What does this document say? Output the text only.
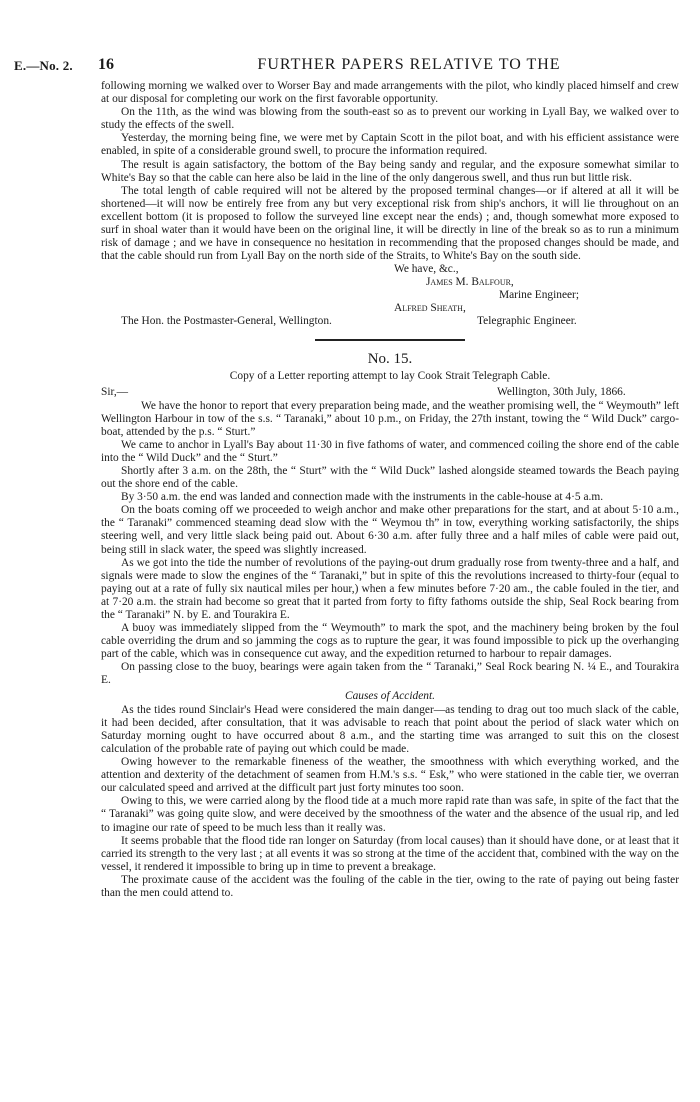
E.—No. 2. 16	FURTHER PAPERS RELATIVE TO THE

following morning we walked over to Worser Bay and made arrangements with the pilot, who kindly placed himself and crew at our disposal for completing our work on the first favorable opportunity.

On the 11th, as the wind was blowing from the south-east so as to prevent our working in Lyall Bay, we walked over to study the effects of the swell.

Yesterday, the morning being fine, we were met by Captain Scott in the pilot boat, and with his efficient assistance were enabled, in spite of a considerable ground swell, to procure the information required.

The result is again satisfactory, the bottom of the Bay being sandy and regular, and the exposure somewhat similar to White's Bay so that the cable can here also be laid in the line of the only dangerous swell, and thus run but little risk.

The total length of cable required will not be altered by the proposed terminal changes—or if altered at all it will be shortened—it will now be entirely free from any but very exceptional risk from ship's anchors, it will lie throughout on an excellent bottom (it is proposed to follow the surveyed line except near the ends) ; and, though somewhat more exposed to surf in shoal water than it would have been on the original line, it will be directly in line of the break so as to run a minimum risk of damage ; and we have in consequence no hesitation in recommending that the proposed changes should be made, and that the cable should run from Lyall Bay on the north side of the Straits, to White's Bay on the south side.

We have, &c.,
James M. Balfour,
Marine Engineer;
Alfred Sheath,
Telegraphic Engineer.
The Hon. the Postmaster-General, Wellington.
No. 15.
Copy of a Letter reporting attempt to lay Cook Strait Telegraph Cable.
Sir,—	Wellington, 30th July, 1866.

We have the honor to report that every preparation being made, and the weather promising well, the “ Weymouth” left Wellington Harbour in tow of the s.s. “ Taranaki,” about 10 p.m., on Friday, the 27th instant, towing the “ Wild Duck” cargo-boat, attended by the p.s. “ Sturt.”

We came to anchor in Lyall's Bay about 11·30 in five fathoms of water, and commenced coiling the shore end of the cable into the “ Wild Duck” and the “ Sturt.”

Shortly after 3 a.m. on the 28th, the “ Sturt” with the “ Wild Duck” lashed alongside steamed towards the Beach paying out the shore end of the cable.

By 3·50 a.m. the end was landed and connection made with the instruments in the cable-house at 4·5 a.m.

On the boats coming off we proceeded to weigh anchor and make other preparations for the start, and at about 5·10 a.m., the “ Taranaki” commenced steaming dead slow with the “ Weymou th” in tow, everything working satisfactorily, the ships steering well, and very little slack being paid out. About 6·30 a.m. after fully three and a half miles of cable were paid out, being still in slack water, the speed was slightly increased.

As we got into the tide the number of revolutions of the paying-out drum gradually rose from twenty-three and a half, and signals were made to slow the engines of the “ Taranaki,” but in spite of this the revolutions increased to thirty-four (equal to paying out at a rate of fully six nautical miles per hour,) when a few minutes before 7·20 am., the cable fouled in the tier, and at 7·20 a.m. the strain had become so great that it parted from forty to fifty fathoms outside the ship, Seal Rock bearing from the “ Taranaki” N. by E. and Tourakira E.

A buoy was immediately slipped from the “ Weymouth” to mark the spot, and the machinery being broken by the foul cable overriding the drum and so jamming the cogs as to rupture the gear, it was found impossible to pick up the overhanging part of the cable, which was in consequence cut away, and the expedition returned to harbour to repair damages.

On passing close to the buoy, bearings were again taken from the “ Taranaki,” Seal Rock bearing N. ¼ E., and Tourakira E.

Causes of Accident.

As the tides round Sinclair's Head were considered the main danger—as tending to drag out too much slack of the cable, it had been decided, after consultation, that it was advisable to reach that point about the period of slack water which on Saturday morning ought to have occurred about 8 a.m., and the starting time was arranged to suit this on the closest calculation of the probable rate of paying out which could be made.

Owing however to the remarkable fineness of the weather, the smoothness with which everything worked, and the attention and dexterity of the detachment of seamen from H.M.'s s.s. “ Esk,” who were stationed in the cable tier, we overran our calculated speed and arrived at the difficult part just forty minutes too soon.

Owing to this, we were carried along by the flood tide at a much more rapid rate than was safe, in spite of the fact that the “ Taranaki” was going quite slow, and were deceived by the smoothness of the water and the absence of the usual rip, and led to imagine our rate of speed to be much less than it really was.

It seems probable that the flood tide ran longer on Saturday (from local causes) than it should have done, or at least that it carried its strength to the very last ; at all events it was so strong at the time of the accident that, combined with the way on the vessel, it rendered it impossible to bring up in time to prevent a breakage.

The proximate cause of the accident was the fouling of the cable in the tier, owing to the rate of paying out being faster than the men could attend to.
